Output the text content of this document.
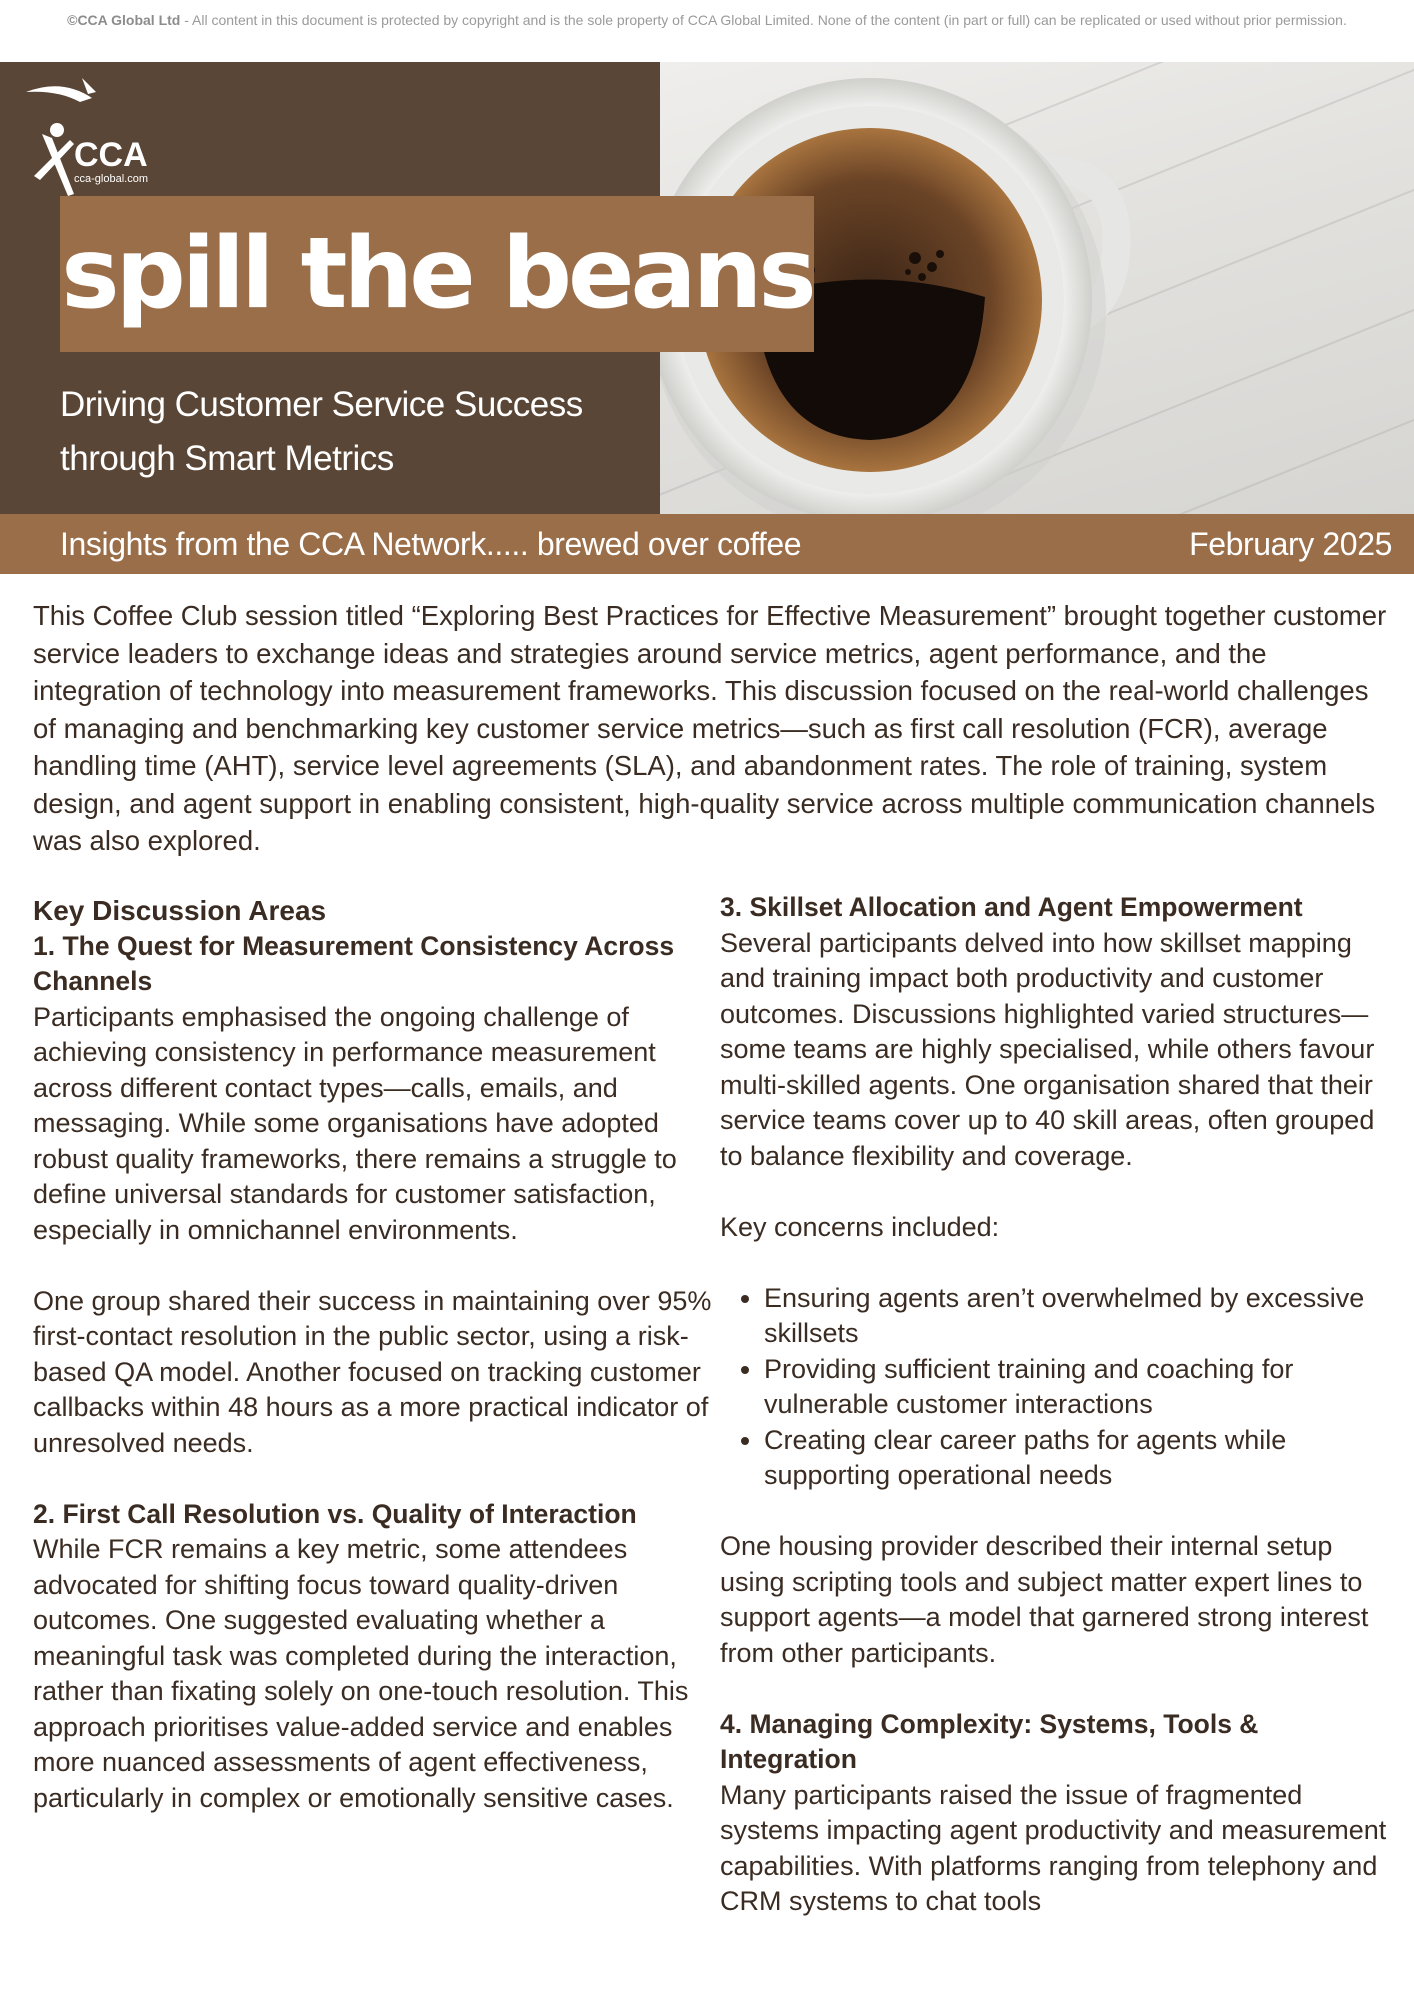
©CCA Global Ltd - All content in this document is protected by copyright and is the sole property of CCA Global Limited. None of the content (in part or full) can be replicated or used without prior permission.
CCA
cca-global.com
spill the beans
Driving Customer Service Success
through Smart Metrics
Insights from the CCA Network..... brewed over coffee	February 2025

This Coffee Club session titled “Exploring Best Practices for Effective Measurement” brought together customer service leaders to exchange ideas and strategies around service metrics, agent performance, and the integration of technology into measurement frameworks. This discussion focused on the real-world challenges of managing and benchmarking key customer service metrics—such as first call resolution (FCR), average handling time (AHT), service level agreements (SLA), and abandonment rates. The role of training, system design, and agent support in enabling consistent, high-quality service across multiple communication channels was also explored.

Key Discussion Areas

1. The Quest for Measurement Consistency Across Channels

Participants emphasised the ongoing challenge of achieving consistency in performance measurement across different contact types—calls, emails, and messaging. While some organisations have adopted robust quality frameworks, there remains a struggle to define universal standards for customer satisfaction, especially in omnichannel environments.

One group shared their success in maintaining over 95% first-contact resolution in the public sector, using a risk-based QA model. Another focused on tracking customer callbacks within 48 hours as a more practical indicator of unresolved needs.

2. First Call Resolution vs. Quality of Interaction

While FCR remains a key metric, some attendees advocated for shifting focus toward quality-driven outcomes. One suggested evaluating whether a meaningful task was completed during the interaction, rather than fixating solely on one-touch resolution. This approach prioritises value-added service and enables more nuanced assessments of agent effectiveness, particularly in complex or emotionally sensitive cases.

3. Skillset Allocation and Agent Empowerment

Several participants delved into how skillset mapping and training impact both productivity and customer outcomes. Discussions highlighted varied structures—some teams are highly specialised, while others favour multi-skilled agents. One organisation shared that their service teams cover up to 40 skill areas, often grouped to balance flexibility and coverage.

Key concerns included:

• Ensuring agents aren’t overwhelmed by excessive skillsets
• Providing sufficient training and coaching for vulnerable customer interactions
• Creating clear career paths for agents while supporting operational needs

One housing provider described their internal setup using scripting tools and subject matter expert lines to support agents—a model that garnered strong interest from other participants.

4. Managing Complexity: Systems, Tools & Integration

Many participants raised the issue of fragmented systems impacting agent productivity and measurement capabilities. With platforms ranging from telephony and CRM systems to chat tools
